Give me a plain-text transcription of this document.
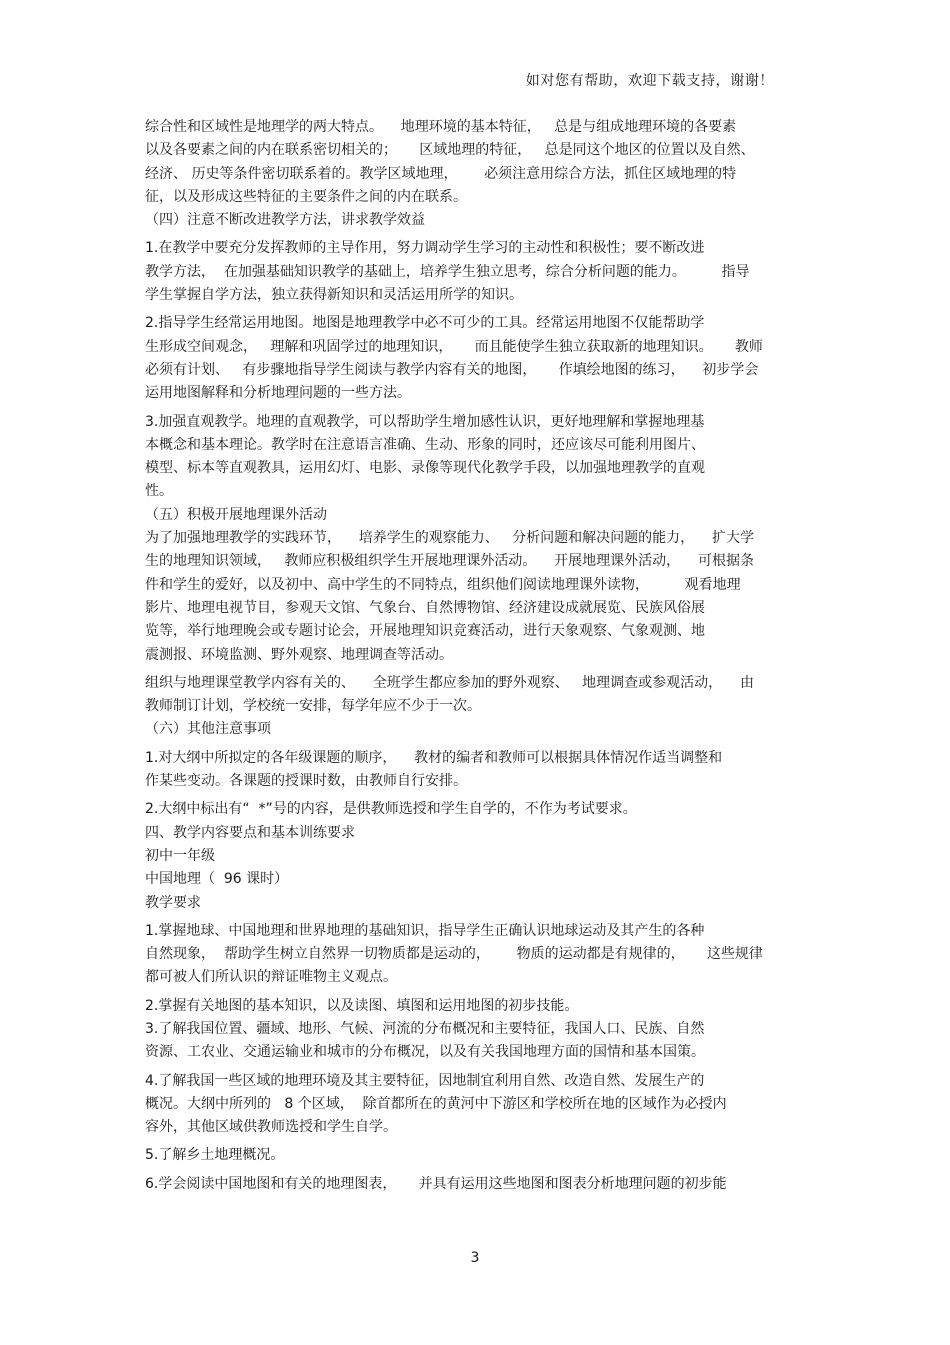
如对您有帮助，欢迎下载支持，谢谢！
综合性和区域性是地理学的两大特点。    地理环境的基本特征，   总是与组成地理环境的各要素
以及各要素之间的内在联系密切相关的；     区域地理的特征，   总是同这个地区的位置以及自然、
经济、 历史等条件密切联系着的。教学区域地理，      必须注意用综合方法，抓住区域地理的特
征，以及形成这些特征的主要条件之间的内在联系。
（四）注意不断改进教学方法，讲求教学效益
1.在教学中要充分发挥教师的主导作用，努力调动学生学习的主动性和积极性；要不断改进
教学方法，  在加强基础知识教学的基础上，培养学生独立思考，综合分析问题的能力。        指导
学生掌握自学方法，独立获得新知识和灵活运用所学的知识。
2.指导学生经常运用地图。地图是地理教学中必不可少的工具。经常运用地图不仅能帮助学
生形成空间观念，   理解和巩固学过的地理知识，     而且能使学生独立获取新的地理知识。     教师
必须有计划、   有步骤地指导学生阅读与教学内容有关的地图，     作填绘地图的练习，    初步学会
运用地图解释和分析地理问题的一些方法。
3.加强直观教学。地理的直观教学，可以帮助学生增加感性认识，更好地理解和掌握地理基
本概念和基本理论。教学时在注意语言准确、生动、形象的同时，还应该尽可能利用图片、
模型、标本等直观教具，运用幻灯、电影、录像等现代化教学手段，以加强地理教学的直观
性。
（五）积极开展地理课外活动
为了加强地理教学的实践环节，    培养学生的观察能力、   分析问题和解决问题的能力，    扩大学
生的地理知识领域，   教师应积极组织学生开展地理课外活动。    开展地理课外活动，    可根据条
件和学生的爱好，以及初中、高中学生的不同特点，组织他们阅读地理课外读物，        观看地理
影片、地理电视节目，参观天文馆、气象台、自然博物馆、经济建设成就展览、民族风俗展
览等，举行地理晚会或专题讨论会，开展地理知识竞赛活动，进行天象观察、气象观测、地
震测报、环境监测、野外观察、地理调查等活动。
组织与地理课堂教学内容有关的、    全班学生都应参加的野外观察、   地理调查或参观活动，    由
教师制订计划，学校统一安排，每学年应不少于一次。
（六）其他注意事项
1.对大纲中所拟定的各年级课题的顺序，    教材的编者和教师可以根据具体情况作适当调整和
作某些变动。各课题的授课时数，由教师自行安排。
2.大纲中标出有“  *”号的内容，是供教师选授和学生自学的，不作为考试要求。
四、教学内容要点和基本训练要求
初中一年级
中国地理（  96 课时）
教学要求
1.掌握地球、中国地理和世界地理的基础知识，指导学生正确认识地球运动及其产生的各种
自然现象，  帮助学生树立自然界一切物质都是运动的，      物质的运动都是有规律的，     这些规律
都可被人们所认识的辩证唯物主义观点。
2.掌握有关地图的基本知识，以及读图、填图和运用地图的初步技能。
3.了解我国位置、疆域、地形、气候、河流的分布概况和主要特征，我国人口、民族、自然
资源、工农业、交通运输业和城市的分布概况，以及有关我国地理方面的国情和基本国策。
4.了解我国一些区域的地理环境及其主要特征，因地制宜利用自然、改造自然、发展生产的
概况。大纲中所列的   8 个区域，  除首都所在的黄河中下游区和学校所在地的区域作为必授内
容外，其他区域供教师选授和学生自学。
5.了解乡土地理概况。
6.学会阅读中国地图和有关的地理图表，     并具有运用这些地图和图表分析地理问题的初步能
3
